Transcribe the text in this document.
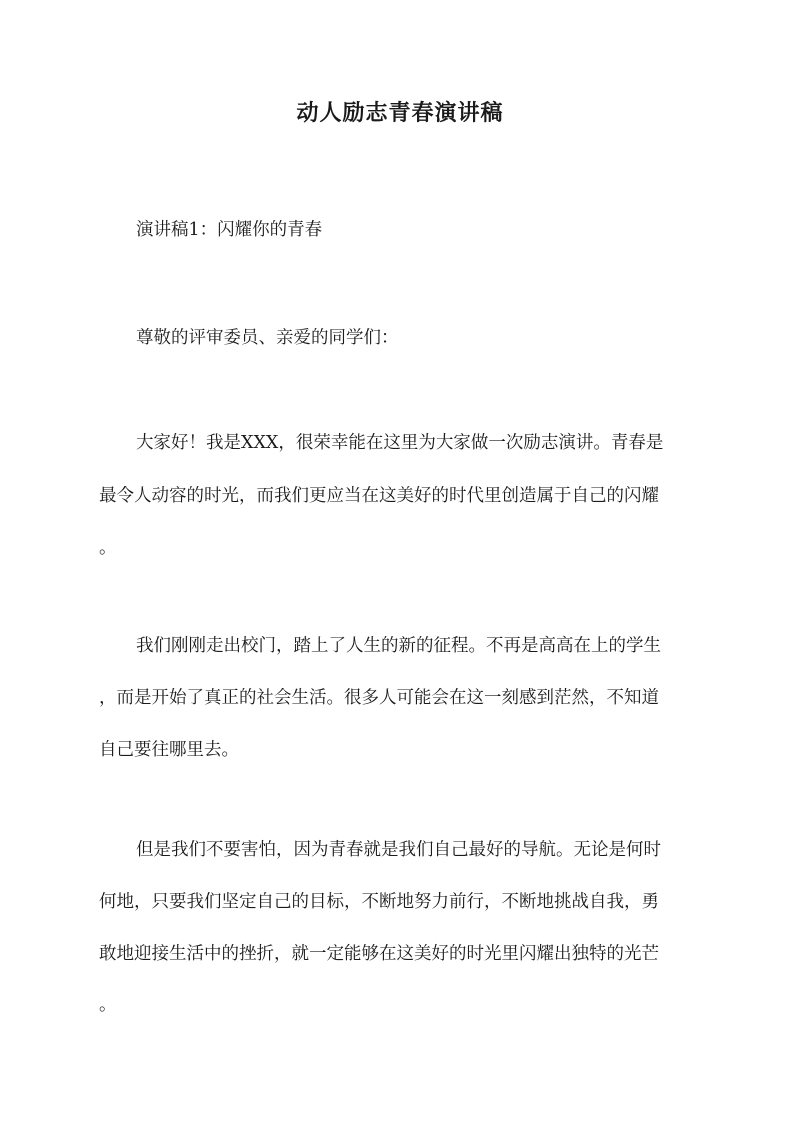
动人励志青春演讲稿
演讲稿1：闪耀你的青春
尊敬的评审委员、亲爱的同学们：
大家好！我是XXX，很荣幸能在这里为大家做一次励志演讲。青春是
最令人动容的时光，而我们更应当在这美好的时代里创造属于自己的闪耀
。
我们刚刚走出校门，踏上了人生的新的征程。不再是高高在上的学生
，而是开始了真正的社会生活。很多人可能会在这一刻感到茫然，不知道
自己要往哪里去。
但是我们不要害怕，因为青春就是我们自己最好的导航。无论是何时
何地，只要我们坚定自己的目标，不断地努力前行，不断地挑战自我，勇
敢地迎接生活中的挫折，就一定能够在这美好的时光里闪耀出独特的光芒
。
